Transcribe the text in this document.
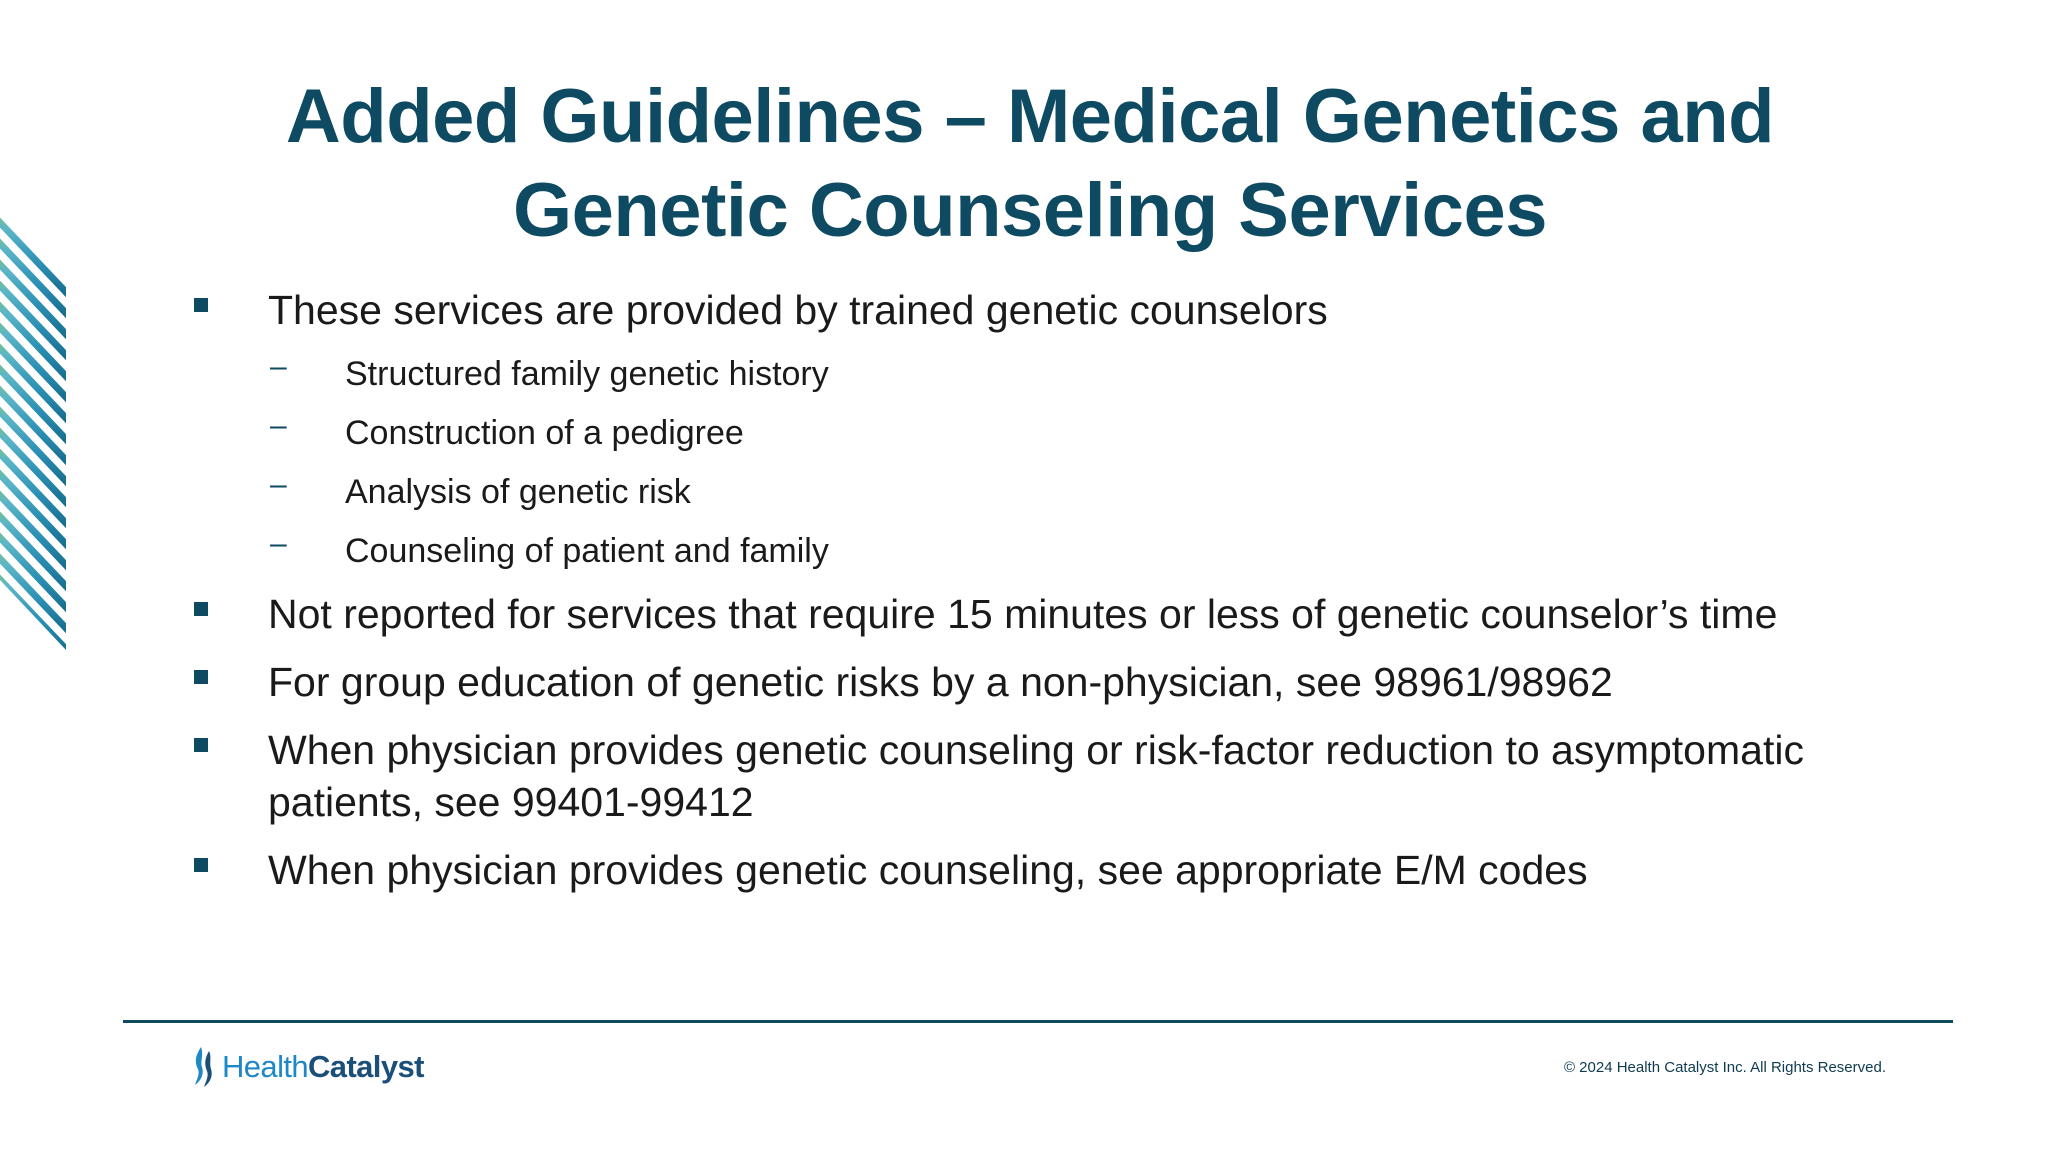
Added Guidelines – Medical Genetics and
Genetic Counseling Services
These services are provided by trained genetic counselors
– Structured family genetic history
– Construction of a pedigree
– Analysis of genetic risk
– Counseling of patient and family
Not reported for services that require 15 minutes or less of genetic counselor’s time
For group education of genetic risks by a non-physician, see 98961/98962
When physician provides genetic counseling or risk-factor reduction to asymptomatic patients, see 99401-99412
When physician provides genetic counseling, see appropriate E/M codes
HealthCatalyst	© 2024 Health Catalyst Inc. All Rights Reserved.
